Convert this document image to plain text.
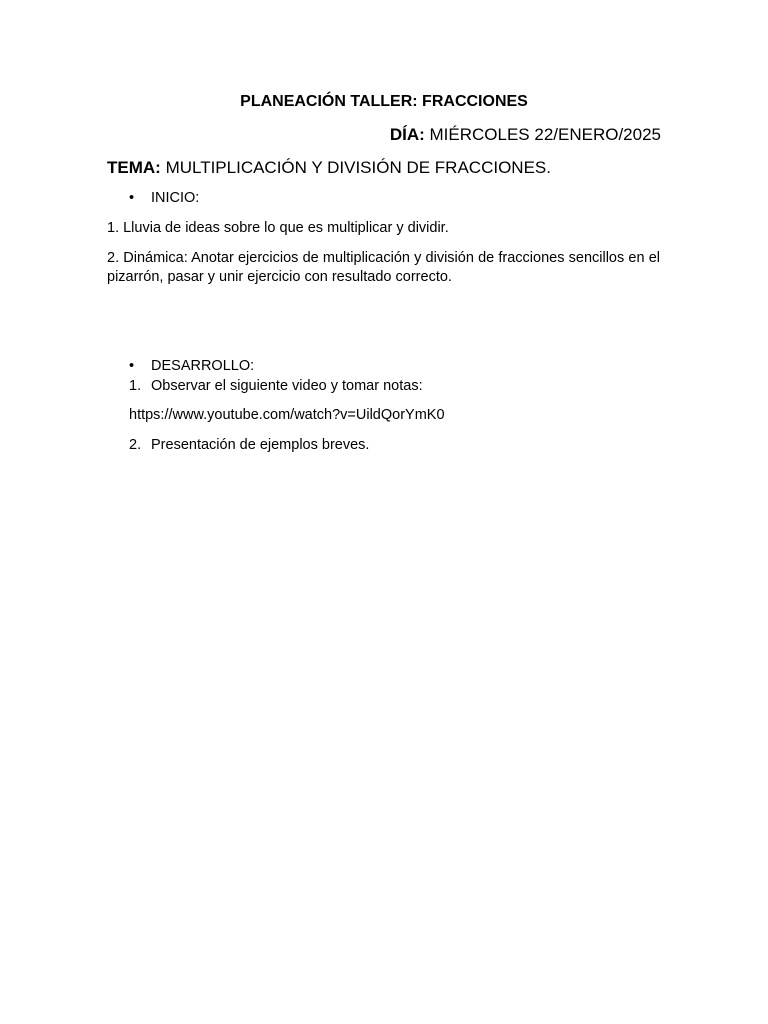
PLANEACIÓN TALLER: FRACCIONES
DÍA: MIÉRCOLES 22/ENERO/2025
TEMA: MULTIPLICACIÓN Y DIVISIÓN DE FRACCIONES.
• INICIO:
1. Lluvia de ideas sobre lo que es multiplicar y dividir.
2. Dinámica: Anotar ejercicios de multiplicación y división de fracciones sencillos en el pizarrón, pasar y unir ejercicio con resultado correcto.
• DESARROLLO:
1. Observar el siguiente video y tomar notas:
https://www.youtube.com/watch?v=UildQorYmK0
2. Presentación de ejemplos breves.
